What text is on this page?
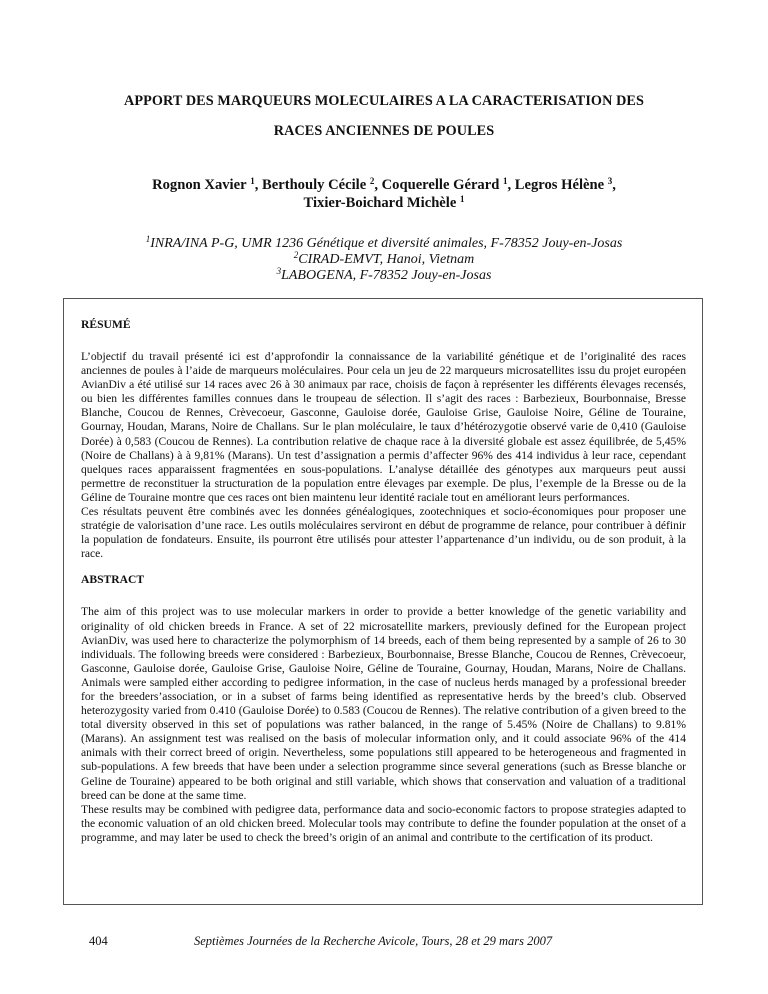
APPORT DES MARQUEURS MOLECULAIRES A LA CARACTERISATION DES
RACES ANCIENNES DE POULES
Rognon Xavier $^1$, Berthouly Cécile $^2$, Coquerelle Gérard $^1$, Legros Hélène $^3$,
Tixier-Boichard Michèle $^1$
$^1$INRA/INA P-G, UMR 1236 Génétique et diversité animales, F-78352 Jouy-en-Josas
$^2$CIRAD-EMVT, Hanoi, Vietnam
$^3$LABOGENA, F-78352 Jouy-en-Josas
RÉSUMÉ

L’objectif du travail présenté ici est d’approfondir la connaissance de la variabilité génétique et de l’originalité des races anciennes de poules à l’aide de marqueurs moléculaires. Pour cela un jeu de 22 marqueurs microsatellites issu du projet européen AvianDiv a été utilisé sur 14 races avec 26 à 30 animaux par race, choisis de façon à représenter les différents élevages recensés, ou bien les différentes familles connues dans le troupeau de sélection. Il s’agit des races : Barbezieux, Bourbonnaise, Bresse Blanche, Coucou de Rennes, Crèvecoeur, Gasconne, Gauloise dorée, Gauloise Grise, Gauloise Noire, Géline de Touraine, Gournay, Houdan, Marans, Noire de Challans. Sur le plan moléculaire, le taux d’hétérozygotie observé varie de 0,410 (Gauloise Dorée) à 0,583 (Coucou de Rennes). La contribution relative de chaque race à la diversité globale est assez équilibrée, de 5,45% (Noire de Challans) à à 9,81% (Marans). Un test d’assignation a permis d’affecter 96% des 414 individus à leur race, cependant quelques races apparaissent fragmentées en sous-populations. L’analyse détaillée des génotypes aux marqueurs peut aussi permettre de reconstituer la structuration de la population entre élevages par exemple. De plus, l’exemple de la Bresse ou de la Géline de Touraine montre que ces races ont bien maintenu leur identité raciale tout en améliorant leurs performances.

Ces résultats peuvent être combinés avec les données généalogiques, zootechniques et socio-économiques pour proposer une stratégie de valorisation d’une race. Les outils moléculaires serviront en début de programme de relance, pour contribuer à définir la population de fondateurs. Ensuite, ils pourront être utilisés pour attester l’appartenance d’un individu, ou de son produit, à la race.

ABSTRACT

The aim of this project was to use molecular markers in order to provide a better knowledge of the genetic variability and originality of old chicken breeds in France. A set of 22 microsatellite markers, previously defined for the European project AvianDiv, was used here to characterize the polymorphism of 14 breeds, each of them being represented by a sample of 26 to 30 individuals. The following breeds were considered : Barbezieux, Bourbonnaise, Bresse Blanche, Coucou de Rennes, Crèvecoeur, Gasconne, Gauloise dorée, Gauloise Grise, Gauloise Noire, Géline de Touraine, Gournay, Houdan, Marans, Noire de Challans. Animals were sampled either according to pedigree information, in the case of nucleus herds managed by a professional breeder for the breeders’association, or in a subset of farms being identified as representative herds by the breed’s club. Observed heterozygosity varied from 0.410 (Gauloise Dorée) to 0.583 (Coucou de Rennes). The relative contribution of a given breed to the total diversity observed in this set of populations was rather balanced, in the range of 5.45% (Noire de Challans) to 9.81% (Marans). An assignment test was realised on the basis of molecular information only, and it could associate 96% of the 414 animals with their correct breed of origin. Nevertheless, some populations still appeared to be heterogeneous and fragmented in sub-populations. A few breeds that have been under a selection programme since several generations (such as Bresse blanche or Geline de Touraine) appeared to be both original and still variable, which shows that conservation and valuation of a traditional breed can be done at the same time.

These results may be combined with pedigree data, performance data and socio-economic factors to propose strategies adapted to the economic valuation of an old chicken breed. Molecular tools may contribute to define the founder population at the onset of a programme, and may later be used to check the breed’s origin of an animal and contribute to the certification of its product.

404	Septièmes Journées de la Recherche Avicole, Tours, 28 et 29 mars 2007
